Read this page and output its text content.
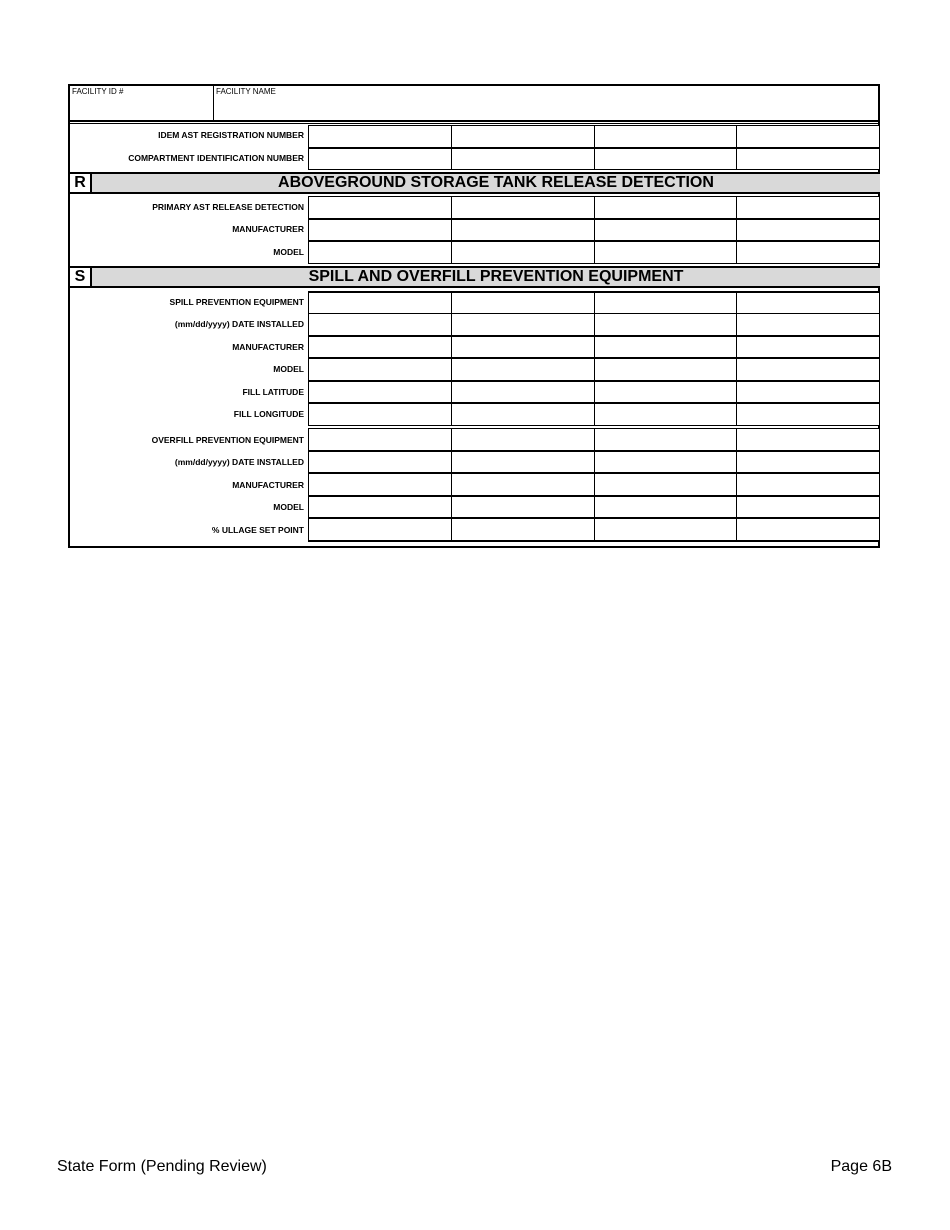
FACILITY ID #	FACILITY NAME
IDEM AST REGISTRATION NUMBER
COMPARTMENT IDENTIFICATION NUMBER
R	ABOVEGROUND STORAGE TANK RELEASE DETECTION
PRIMARY AST RELEASE DETECTION
MANUFACTURER
MODEL
S	SPILL AND OVERFILL PREVENTION EQUIPMENT
SPILL PREVENTION EQUIPMENT
(mm/dd/yyyy) DATE INSTALLED
MANUFACTURER
MODEL
FILL LATITUDE
FILL LONGITUDE
OVERFILL PREVENTION EQUIPMENT
(mm/dd/yyyy) DATE INSTALLED
MANUFACTURER
MODEL
% ULLAGE SET POINT
State Form (Pending Review)	Page 6B
